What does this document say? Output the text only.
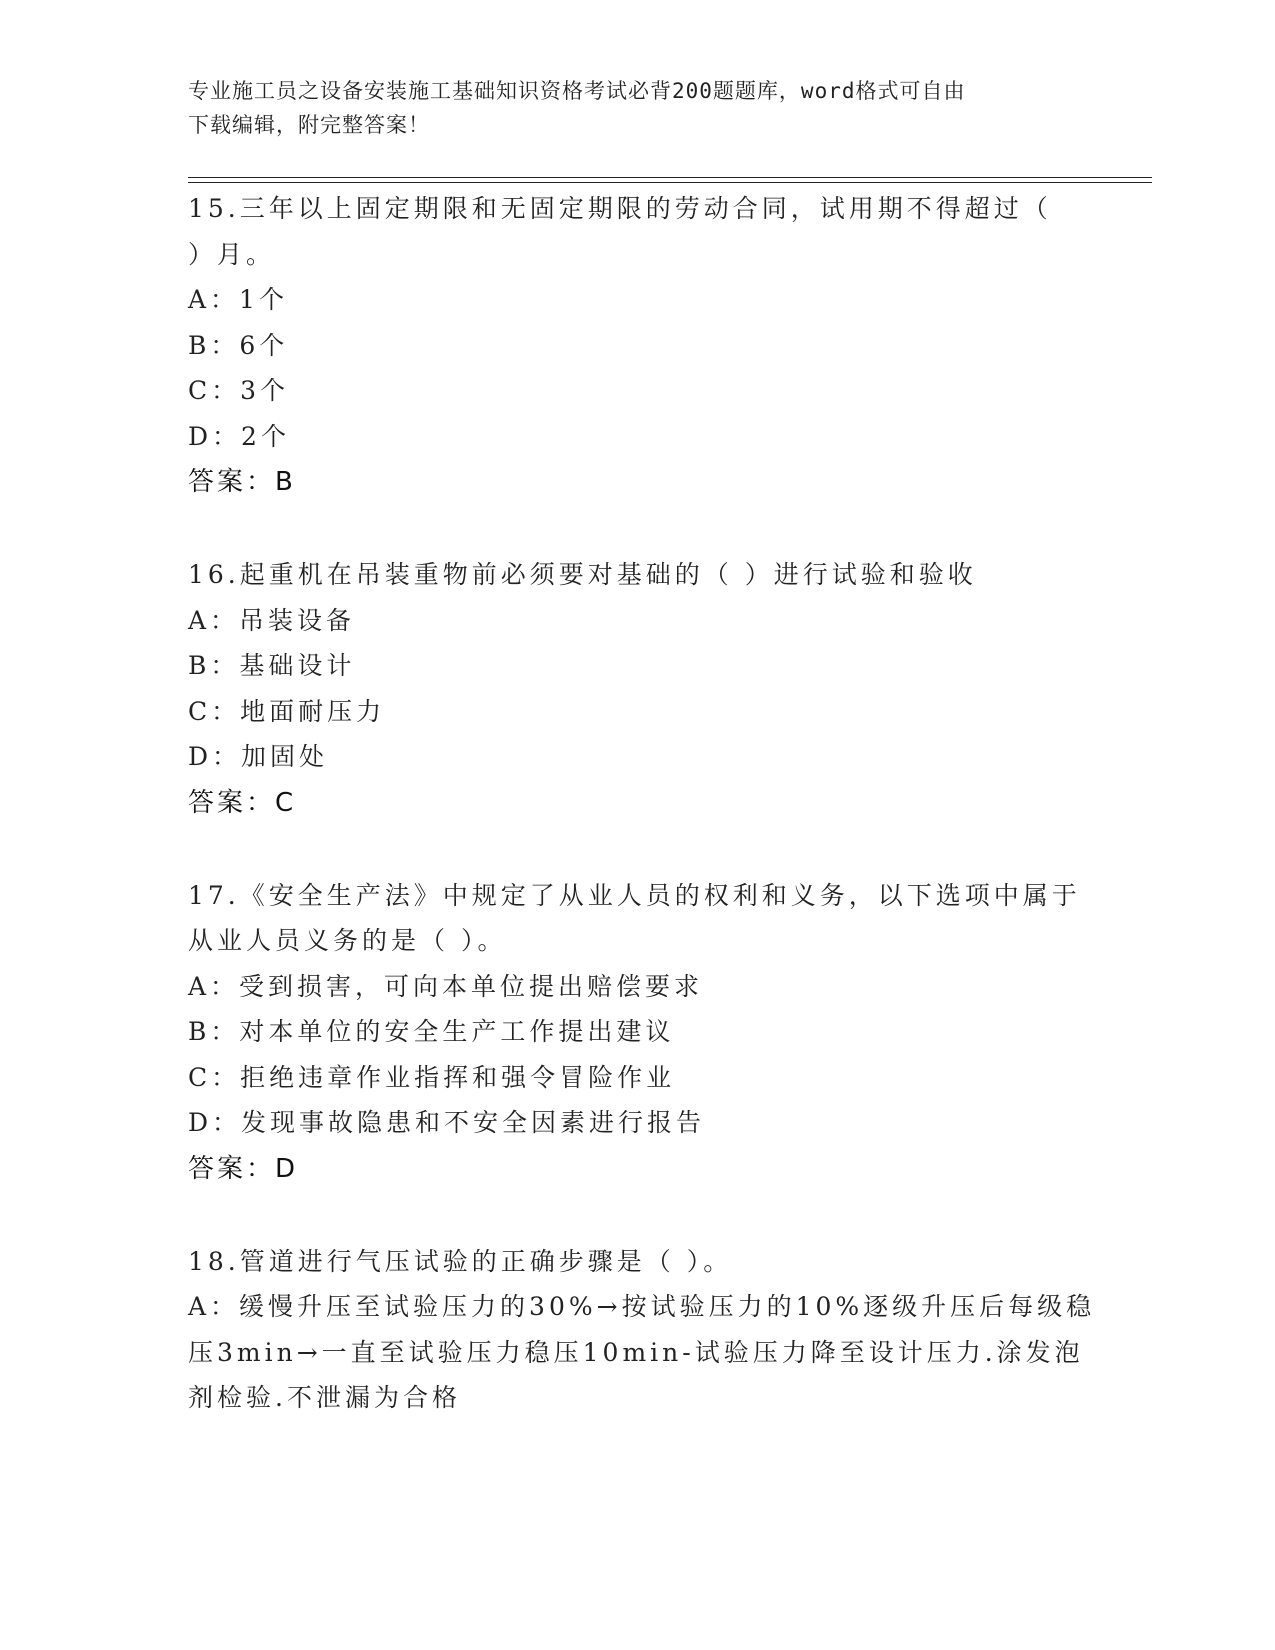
专业施工员之设备安装施工基础知识资格考试必背200题题库，word格式可自由
下载编辑，附完整答案！
15.三年以上固定期限和无固定期限的劳动合同，试用期不得超过（
）月。
A：1个
B：6个
C：3个
D：2个
答案：B
16.起重机在吊装重物前必须要对基础的（ ）进行试验和验收
A：吊装设备
B：基础设计
C：地面耐压力
D：加固处
答案：C
17.《安全生产法》中规定了从业人员的权利和义务，以下选项中属于
从业人员义务的是（ ）。
A：受到损害，可向本单位提出赔偿要求
B：对本单位的安全生产工作提出建议
C：拒绝违章作业指挥和强令冒险作业
D：发现事故隐患和不安全因素进行报告
答案：D
18.管道进行气压试验的正确步骤是（ ）。
A：缓慢升压至试验压力的30%→按试验压力的10%逐级升压后每级稳
压3min→一直至试验压力稳压10min-试验压力降至设计压力.涂发泡
剂检验.不泄漏为合格
